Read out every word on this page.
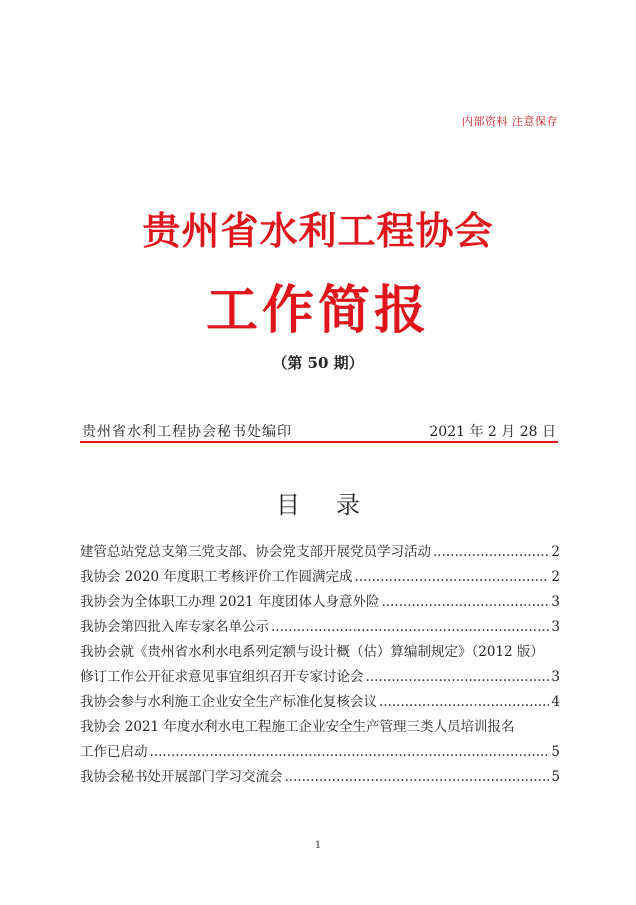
内部资料 注意保存
贵州省水利工程协会
工作简报
（第 50 期）
贵州省水利工程协会秘书处编印	2021 年 2 月 28 日
目录
建管总站党总支第三党支部、协会党支部开展党员学习活动 .....	2
我协会 2020 年度职工考核评价工作圆满完成 .....	2
我协会为全体职工办理 2021 年度团体人身意外险 .....	3
我协会第四批入库专家名单公示 .....	3
我协会就《贵州省水利水电系列定额与设计概（估）算编制规定》（2012 版）
修订工作公开征求意见事宜组织召开专家讨论会 .....	3
我协会参与水利施工企业安全生产标准化复核会议 .....	4
我协会 2021 年度水利水电工程施工企业安全生产管理三类人员培训报名
工作已启动 .....	5
我协会秘书处开展部门学习交流会 .....	5
1
